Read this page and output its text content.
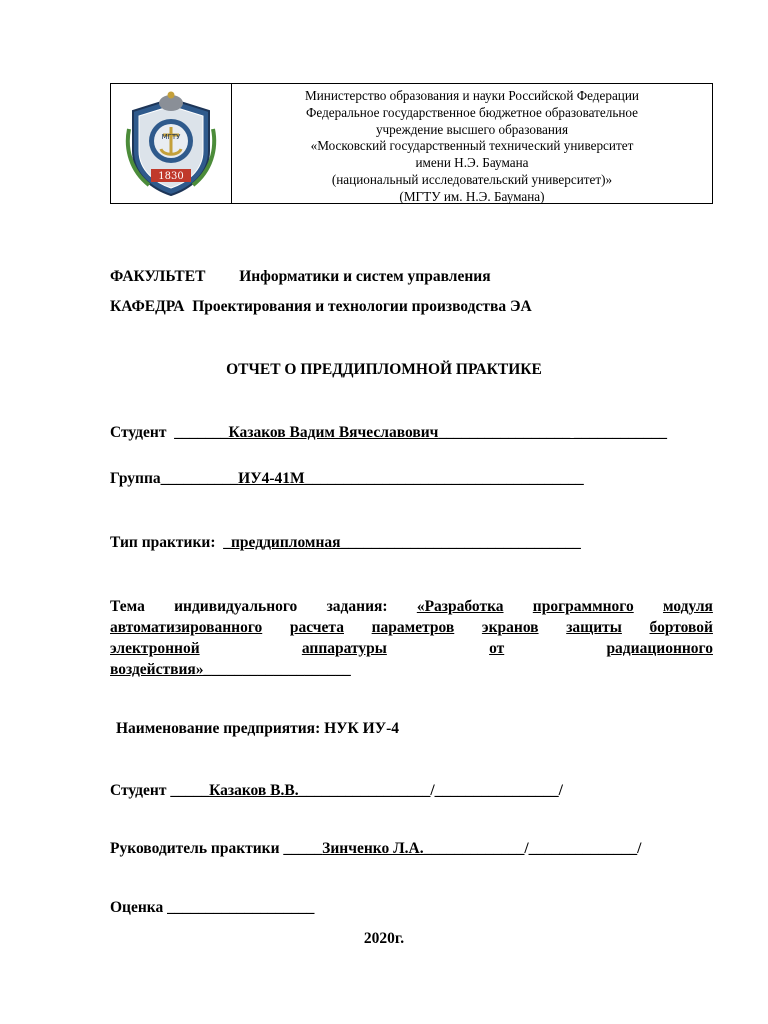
МГТУ
1830
Министерство образования и науки Российской Федерации
Федеральное государственное бюджетное образовательное
учреждение высшего образования
«Московский государственный технический университет
имени Н.Э. Баумана
(национальный исследовательский университет)»
(МГТУ им. Н.Э. Баумана)
ФАКУЛЬТЕТ Информатики и систем управления
КАФЕДРА Проектирования и технологии производства ЭА
ОТЧЕТ О ПРЕДДИПЛОМНОЙ ПРАКТИКЕ
Студент _______Казаков Вадим Вячеславович_________________ ____________
Группа__________ИУ4-41М____________________________________
Тип практики: _преддипломная_______________________________
Тема индивидуального задания: «Разработка программного модуля
автоматизированного расчета параметров экранов защиты бортовой
электронной	аппаратуры	от	радиационного
воздействия»___________________
Наименование предприятия: НУК ИУ-4
Студент _____Казаков В.В._________________/________________/
Руководитель практики _____Зинченко Л.А._____________/______________/
Оценка ___________________
2020г.
